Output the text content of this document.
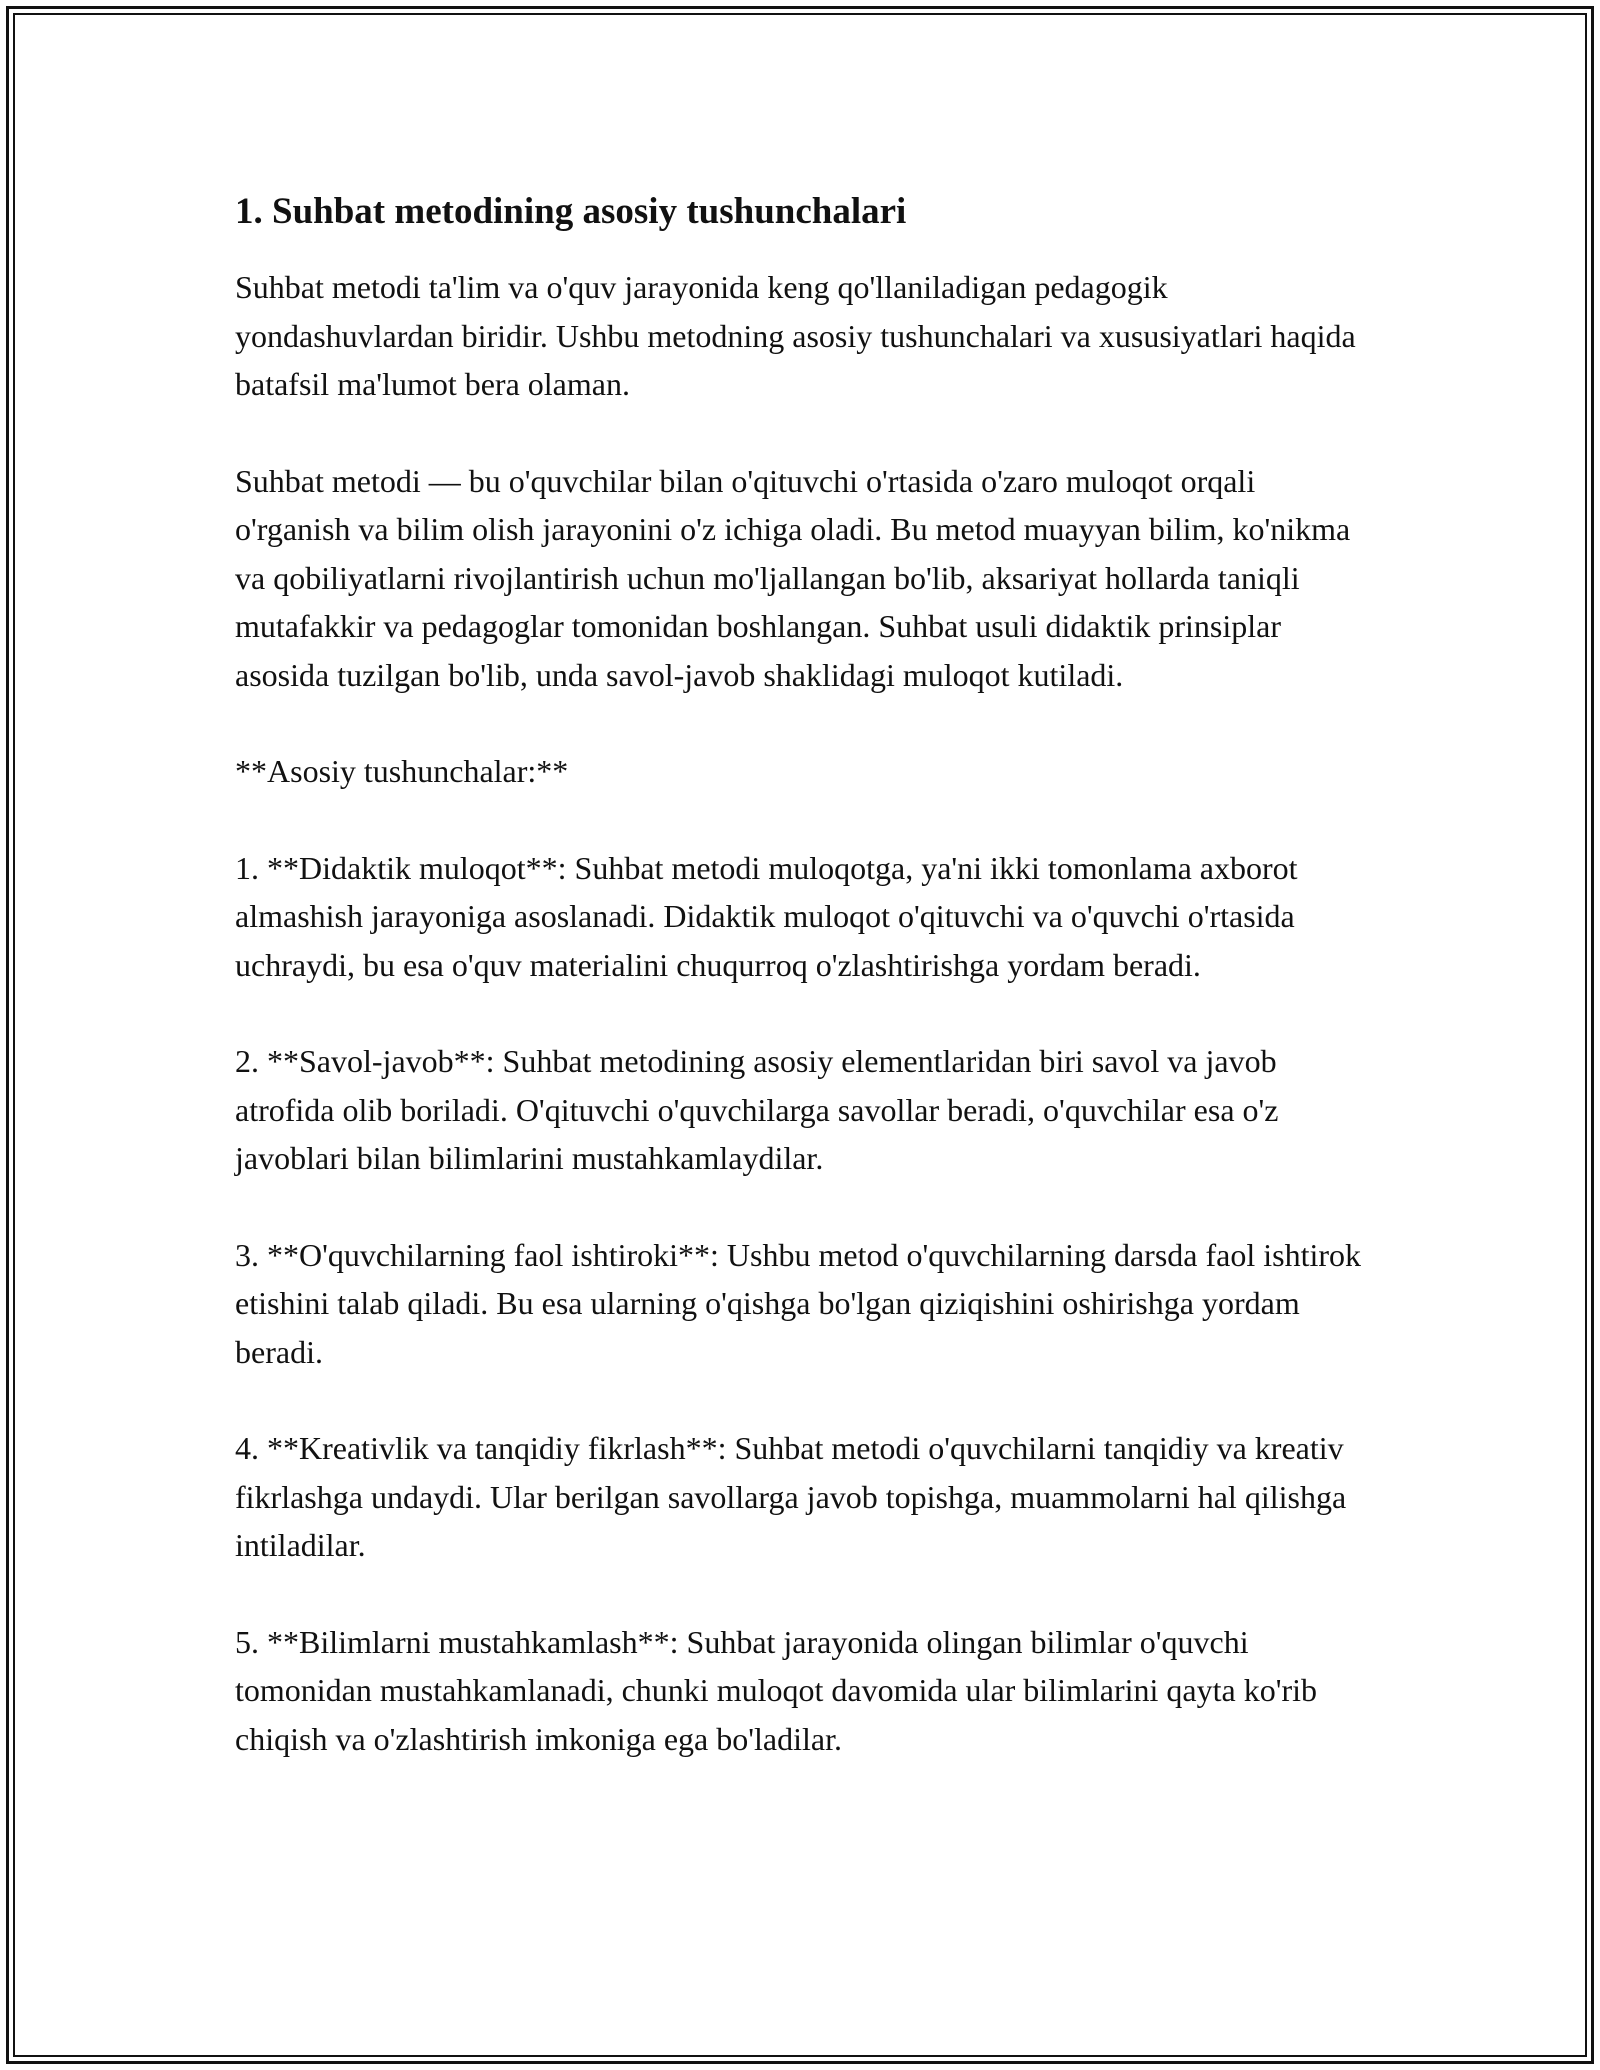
1. Suhbat metodining asosiy tushunchalari

Suhbat metodi ta'lim va o'quv jarayonida keng qo'llaniladigan pedagogik yondashuvlardan biridir. Ushbu metodning asosiy tushunchalari va xususiyatlari haqida batafsil ma'lumot bera olaman.

Suhbat metodi — bu o'quvchilar bilan o'qituvchi o'rtasida o'zaro muloqot orqali o'rganish va bilim olish jarayonini o'z ichiga oladi. Bu metod muayyan bilim, ko'nikma va qobiliyatlarni rivojlantirish uchun mo'ljallangan bo'lib, aksariyat hollarda taniqli mutafakkir va pedagoglar tomonidan boshlangan. Suhbat usuli didaktik prinsiplar asosida tuzilgan bo'lib, unda savol-javob shaklidagi muloqot kutiladi.

**Asosiy tushunchalar:**

1. **Didaktik muloqot**: Suhbat metodi muloqotga, ya'ni ikki tomonlama axborot almashish jarayoniga asoslanadi. Didaktik muloqot o'qituvchi va o'quvchi o'rtasida uchraydi, bu esa o'quv materialini chuqurroq o'zlashtirishga yordam beradi.

2. **Savol-javob**: Suhbat metodining asosiy elementlaridan biri savol va javob atrofida olib boriladi. O'qituvchi o'quvchilarga savollar beradi, o'quvchilar esa o'z javoblari bilan bilimlarini mustahkamlaydilar.

3. **O'quvchilarning faol ishtiroki**: Ushbu metod o'quvchilarning darsda faol ishtirok etishini talab qiladi. Bu esa ularning o'qishga bo'lgan qiziqishini oshirishga yordam beradi.

4. **Kreativlik va tanqidiy fikrlash**: Suhbat metodi o'quvchilarni tanqidiy va kreativ fikrlashga undaydi. Ular berilgan savollarga javob topishga, muammolarni hal qilishga intiladilar.

5. **Bilimlarni mustahkamlash**: Suhbat jarayonida olingan bilimlar o'quvchi tomonidan mustahkamlanadi, chunki muloqot davomida ular bilimlarini qayta ko'rib chiqish va o'zlashtirish imkoniga ega bo'ladilar.
